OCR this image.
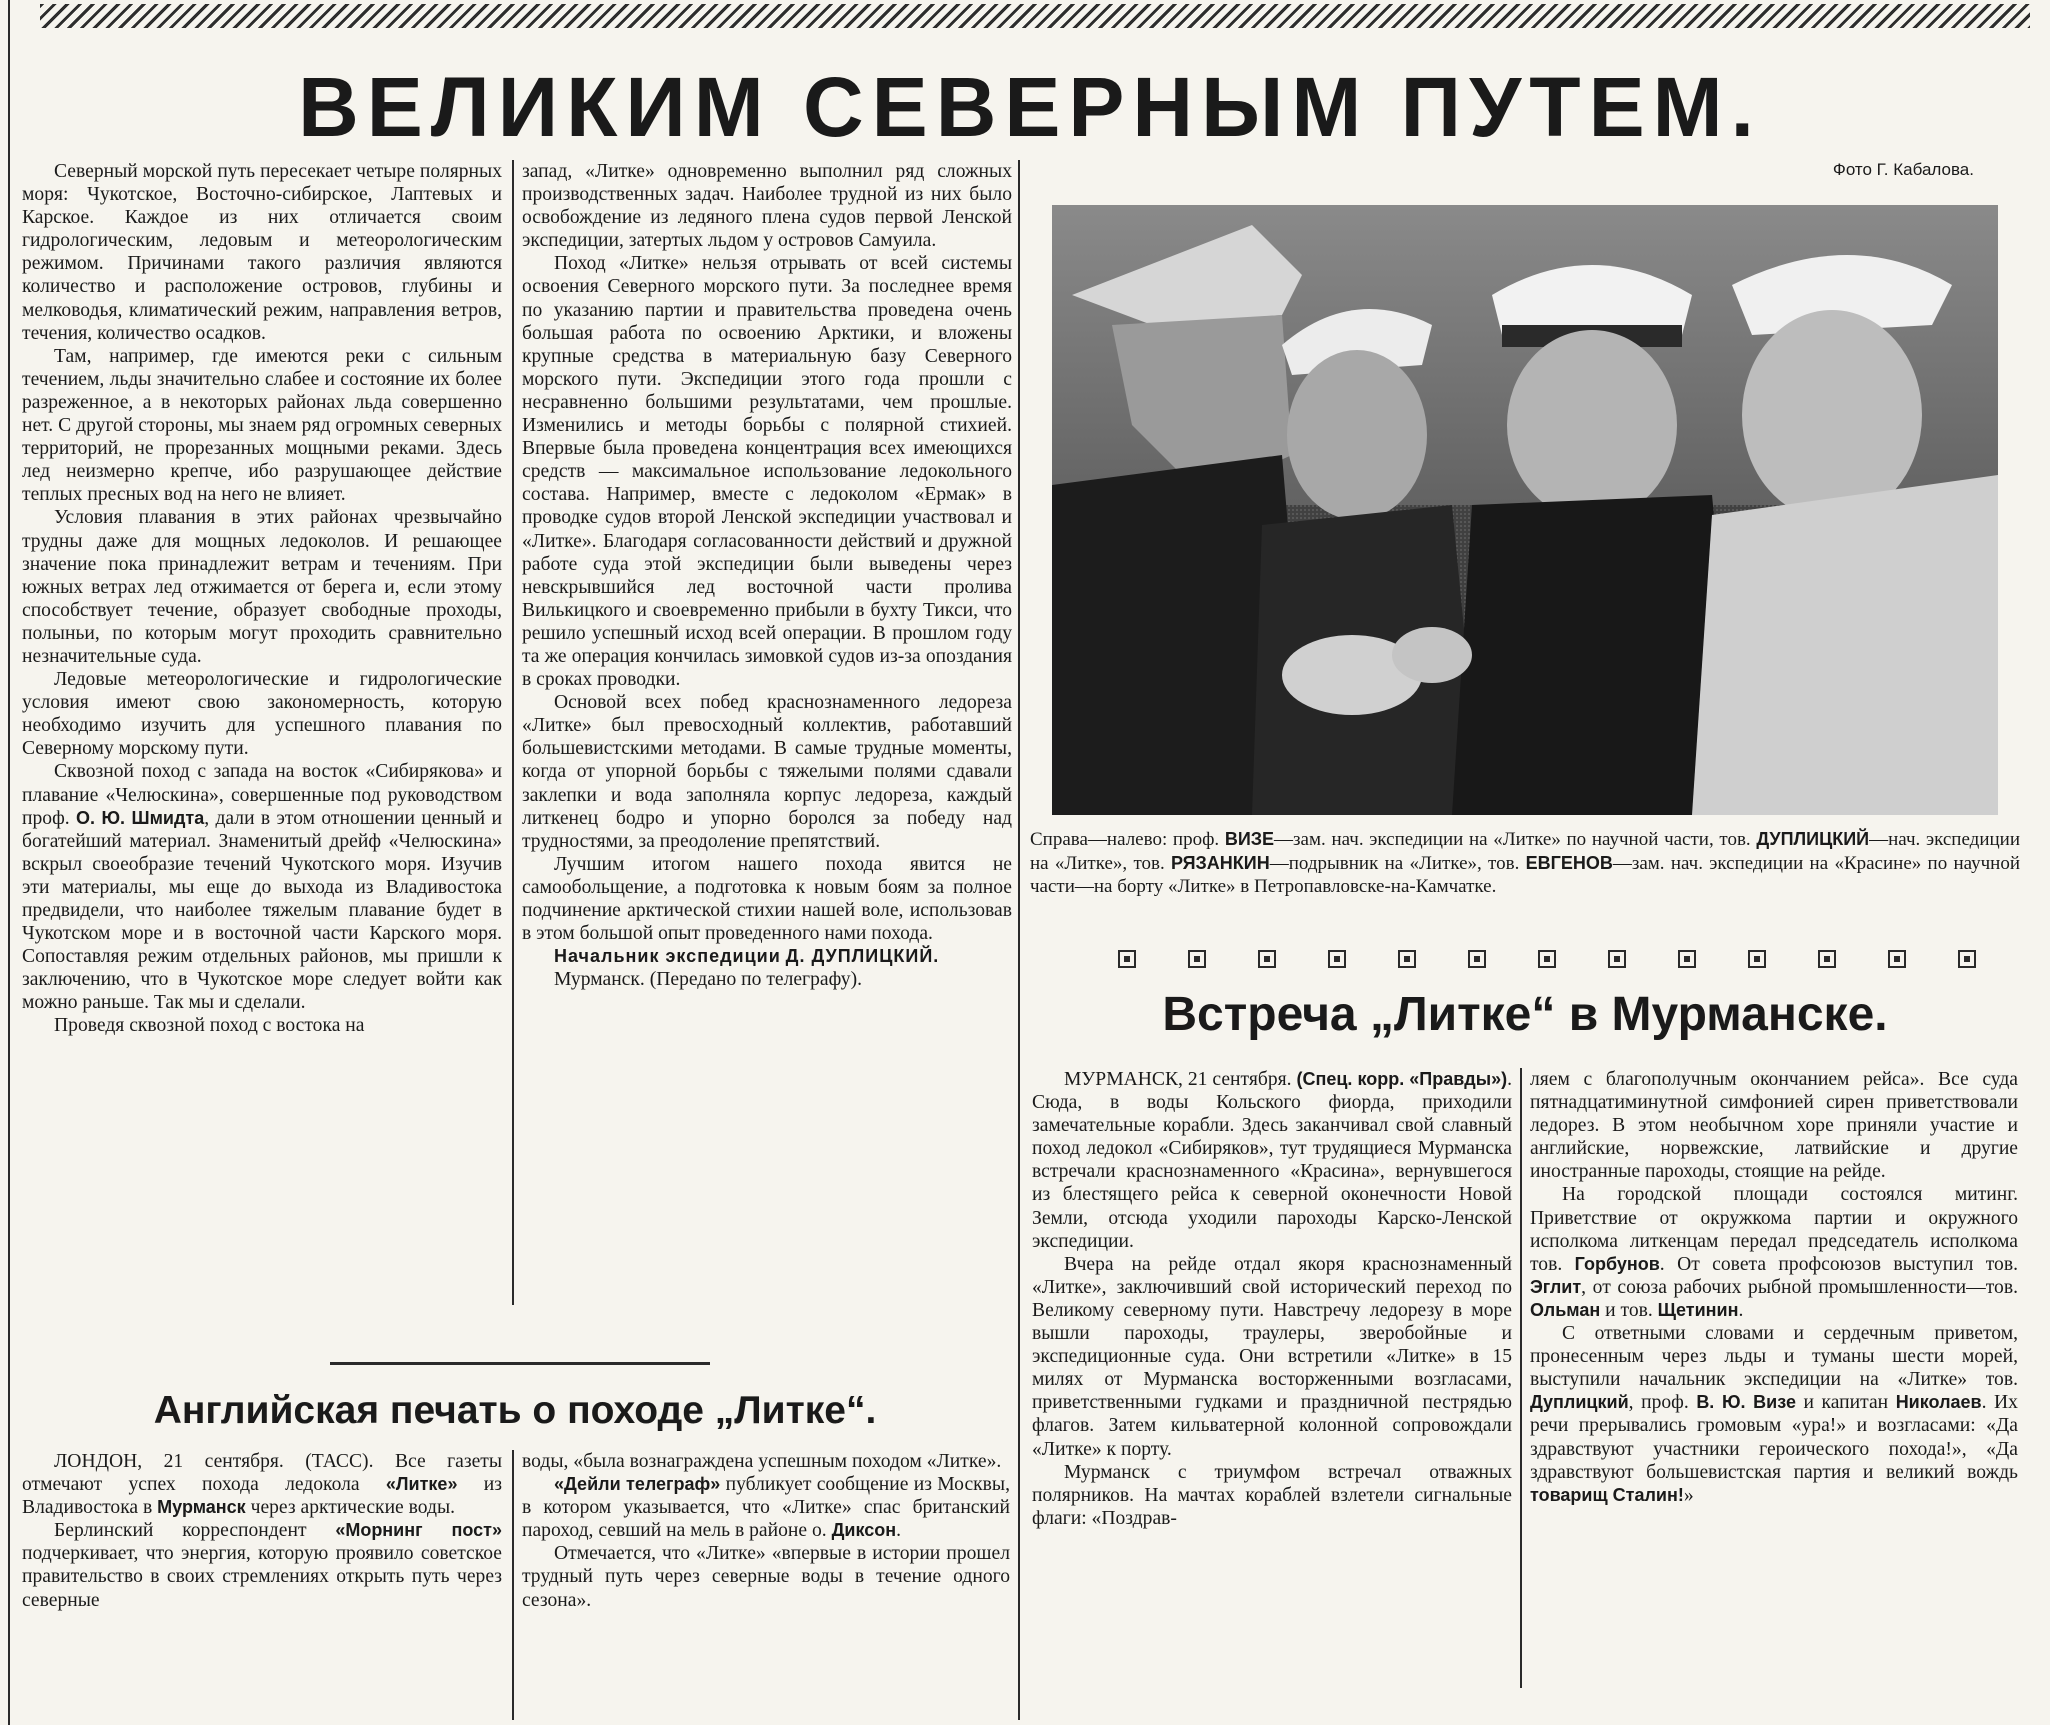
ВЕЛИКИМ СЕВЕРНЫМ ПУТЕМ.

Северный морской путь пересекает четыре полярных моря: Чукотское, Восточно-сибирское, Лаптевых и Карское. Каждое из них отличается своим гидрологическим, ледовым и метеорологическим режимом. Причинами такого различия являются количество и расположение островов, глубины и мелководья, климатический режим, направления ветров, течения, количество осадков.

Там, например, где имеются реки с сильным течением, льды значительно слабее и состояние их более разреженное, а в некоторых районах льда совершенно нет. С другой стороны, мы знаем ряд огромных северных территорий, не прорезанных мощными реками. Здесь лед неизмерно крепче, ибо разрушающее действие теплых пресных вод на него не влияет.

Условия плавания в этих районах чрезвычайно трудны даже для мощных ледоколов. И решающее значение пока принадлежит ветрам и течениям. При южных ветрах лед отжимается от берега и, если этому способствует течение, образует свободные проходы, полыньи, по которым могут проходить сравнительно незначительные суда.

Ледовые метеорологические и гидрологические условия имеют свою закономерность, которую необходимо изучить для успешного плавания по Северному морскому пути.

Сквозной поход с запада на восток «Сибирякова» и плавание «Челюскина», совершенные под руководством проф. О. Ю. Шмидта, дали в этом отношении ценный и богатейший материал. Знаменитый дрейф «Челюскина» вскрыл своеобразие течений Чукотского моря. Изучив эти материалы, мы еще до выхода из Владивостока предвидели, что наиболее тяжелым плавание будет в Чукотском море и в восточной части Карского моря. Сопоставляя режим отдельных районов, мы пришли к заключению, что в Чукотское море следует войти как можно раньше. Так мы и сделали.

Проведя сквозной поход с востока на

запад, «Литке» одновременно выполнил ряд сложных производственных задач. Наиболее трудной из них было освобождение из ледяного плена судов первой Ленской экспедиции, затертых льдом у островов Самуила.

Поход «Литке» нельзя отрывать от всей системы освоения Северного морского пути. За последнее время по указанию партии и правительства проведена очень большая работа по освоению Арктики, и вложены крупные средства в материальную базу Северного морского пути. Экспедиции этого года прошли с несравненно большими результатами, чем прошлые. Изменились и методы борьбы с полярной стихией. Впервые была проведена концентрация всех имеющихся средств — максимальное использование ледокольного состава. Например, вместе с ледоколом «Ермак» в проводке судов второй Ленской экспедиции участвовал и «Литке». Благодаря согласованности действий и дружной работе суда этой экспедиции были выведены через невскрывшийся лед восточной части пролива Вилькицкого и своевременно прибыли в бухту Тикси, что решило успешный исход всей операции. В прошлом году та же операция кончилась зимовкой судов из-за опоздания в сроках проводки.

Основой всех побед краснознаменного ледореза «Литке» был превосходный коллектив, работавший большевистскими методами. В самые трудные моменты, когда от упорной борьбы с тяжелыми полями сдавали заклепки и вода заполняла корпус ледореза, каждый литкенец бодро и упорно боролся за победу над трудностями, за преодоление препятствий.

Лучшим итогом нашего похода явится не самообольщение, а подготовка к новым боям за полное подчинение арктической стихии нашей воле, использовав в этом большой опыт проведенного нами похода.

Начальник экспедиции Д. ДУПЛИЦКИЙ.

Мурманск. (Передано по телеграфу).

Фото Г. Кабалова.

Справа—налево: проф. ВИЗЕ—зам. нач. экспедиции на «Литке» по научной части, тов. ДУПЛИЦКИЙ—нач. экспедиции на «Литке», тов. РЯЗАНКИН—подрывник на «Литке», тов. ЕВГЕНОВ—зам. нач. экспедиции на «Красине» по научной части—на борту «Литке» в Петропавловске-на-Камчатке.

Встреча „Литке“ в Мурманске.

МУРМАНСК, 21 сентября. (Спец. корр. «Правды»). Сюда, в воды Кольского фиорда, приходили замечательные корабли. Здесь заканчивал свой славный поход ледокол «Сибиряков», тут трудящиеся Мурманска встречали краснознаменного «Красина», вернувшегося из блестящего рейса к северной оконечности Новой Земли, отсюда уходили пароходы Карско-Ленской экспедиции.

Вчера на рейде отдал якоря краснознаменный «Литке», заключивший свой исторический переход по Великому северному пути. Навстречу ледорезу в море вышли пароходы, траулеры, зверобойные и экспедиционные суда. Они встретили «Литке» в 15 милях от Мурманска восторженными возгласами, приветственными гудками и праздничной пестрядью флагов. Затем кильватерной колонной сопровождали «Литке» к порту.

Мурманск с триумфом встречал отважных полярников. На мачтах кораблей взлетели сигнальные флаги: «Поздрав-

ляем с благополучным окончанием рейса». Все суда пятнадцатиминутной симфонией сирен приветствовали ледорез. В этом необычном хоре приняли участие и английские, норвежские, латвийские и другие иностранные пароходы, стоящие на рейде.

На городской площади состоялся митинг. Приветствие от окружкома партии и окружного исполкома литкенцам передал председатель исполкома тов. Горбунов. От совета профсоюзов выступил тов. Эглит, от союза рабочих рыбной промышленности—тов. Ольман и тов. Щетинин.

С ответными словами и сердечным приветом, пронесенным через льды и туманы шести морей, выступили начальник экспедиции на «Литке» тов. Дуплицкий, проф. В. Ю. Визе и капитан Николаев. Их речи прерывались громовым «ура!» и возгласами: «Да здравствуют участники героического похода!», «Да здравствуют большевистская партия и великий вождь товарищ Сталин!»

Английская печать о походе „Литке“.

ЛОНДОН, 21 сентября. (ТАСС). Все газеты отмечают успех похода ледокола «Литке» из Владивостока в Мурманск через арктические воды.

Берлинский корреспондент «Морнинг пост» подчеркивает, что энергия, которую проявило советское правительство в своих стремлениях открыть путь через северные

воды, «была вознаграждена успешным походом «Литке».

«Дейли телеграф» публикует сообщение из Москвы, в котором указывается, что «Литке» спас британский пароход, севший на мель в районе о. Диксон.

Отмечается, что «Литке» «впервые в истории прошел трудный путь через северные воды в течение одного сезона».
